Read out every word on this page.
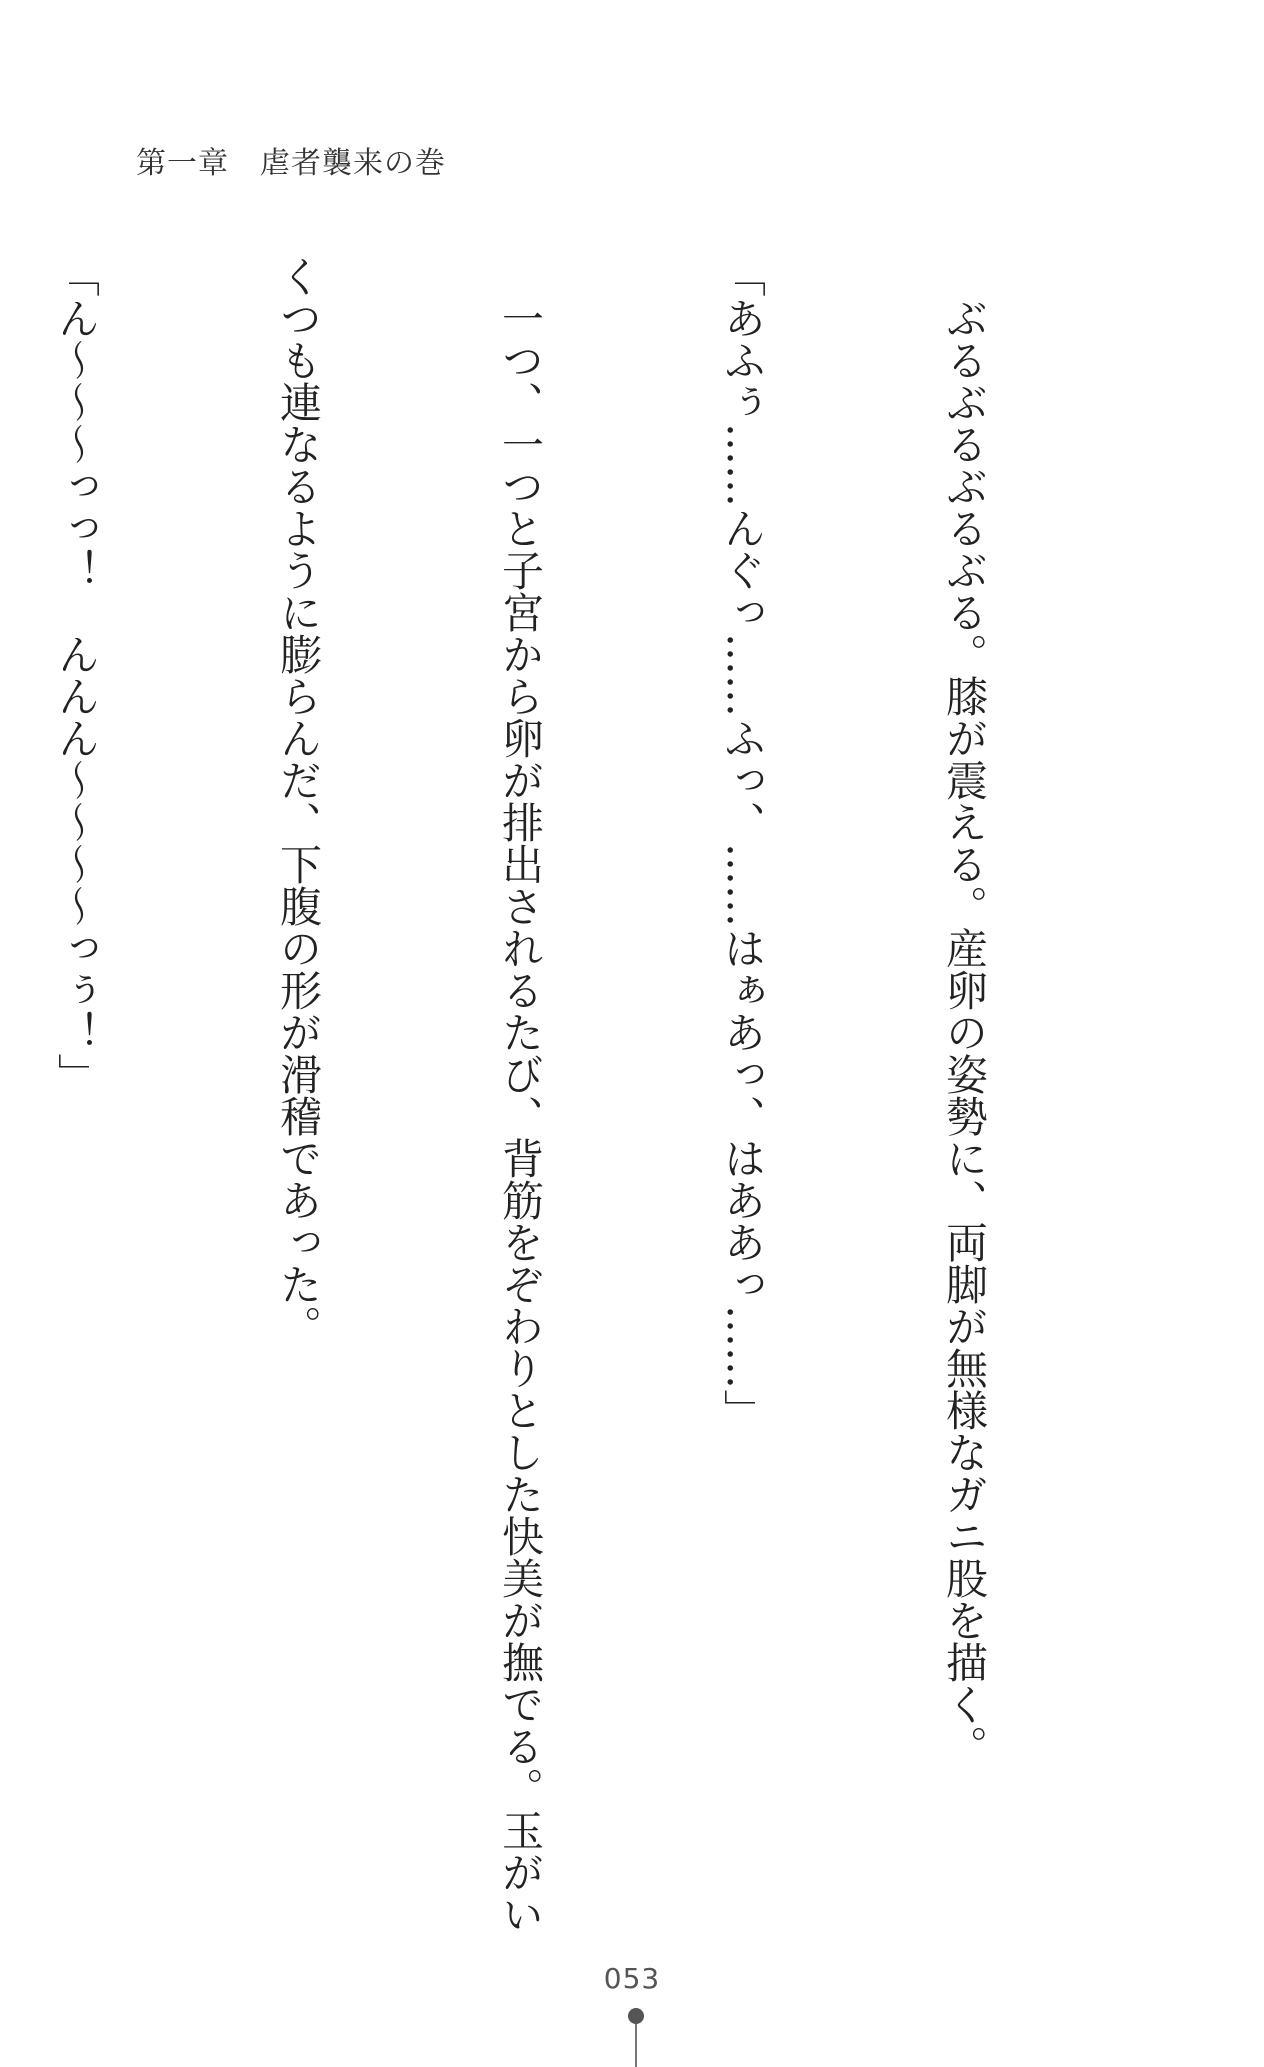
第一章　虐者襲来の巻

　ぶるぶるぶるぶる。膝が震える。産卵の姿勢に、両脚が無様なガニ股を描く。

「あふぅ……んぐっ……ふっ、……はぁあっ、はああっ……」

　一つ、一つと子宮から卵が排出されるたび、背筋をぞわりとした快美が撫でる。玉がい

くつも連なるように膨らんだ、下腹の形が滑稽であった。

「ん～～～っっ！　んんん～～～～っぅ！」

053
